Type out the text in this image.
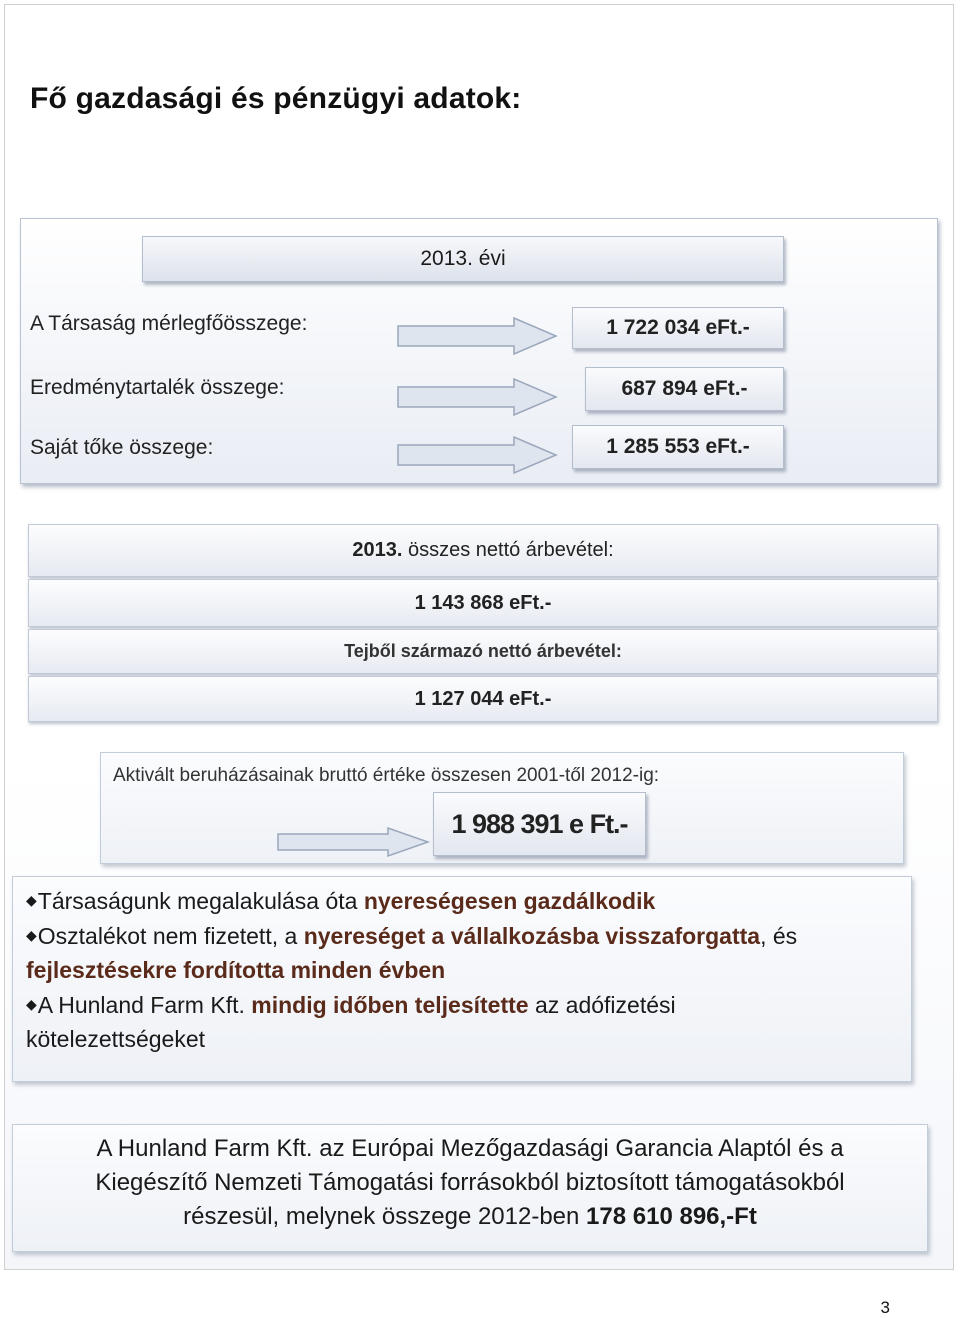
Fő gazdasági és pénzügyi adatok:
2013. évi
A Társaság mérlegfőösszege:
Eredménytartalék összege:
Saját tőke összege:
1 722 034 eFt.-
687 894 eFt.-
1 285 553 eFt.-
2013. összes nettó árbevétel:
1 143 868 eFt.-
Tejből származó nettó árbevétel:
1 127 044 eFt.-
Aktivált beruházásainak bruttó értéke összesen 2001-től 2012-ig:
1 988 391 e Ft.-
◆Társaságunk megalakulása óta nyereségesen gazdálkodik
◆Osztalékot nem fizetett, a nyereséget a vállalkozásba visszaforgatta, és
fejlesztésekre fordította minden évben
◆A Hunland Farm Kft. mindig időben teljesítette az adófizetési
kötelezettségeket
A Hunland Farm Kft. az Európai Mezőgazdasági Garancia Alaptól és a
Kiegészítő Nemzeti Támogatási forrásokból biztosított támogatásokból
részesül, melynek összege 2012-ben 178 610 896,-Ft
3
